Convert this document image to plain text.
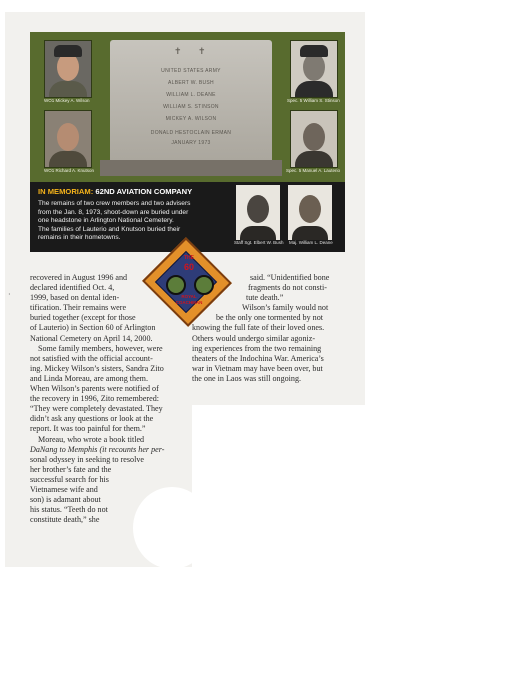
WO1 Mickey A. Wilson
WO1 Richard A. Knutson
Spec. 5 William S. Stinson
Spec. 5 Manuel A. Lauterio
✝ ✝
UNITED STATES ARMY
ALBERT W. BUSH
WILLIAM L. DEANE
WILLIAM S. STINSON
MICKEY A. WILSON
DONALD HESTOCLAIN ERMAN
JANUARY 1973
IN MEMORIAM: 62ND AVIATION COMPANY
The remains of two crew members and two advisers
from the Jan. 8, 1973, shoot-down are buried under
one headstone in Arlington National Cemetery.
The families of Lauterio and Knutson buried their
remains in their hometowns.
Staff Sgt. Elbert W. Bush Maj. William L. Deane
recovered in August 1996 and
declared identified Oct. 4,
1999, based on dental iden-
tification. Their remains were
buried together (except for those
of Lauterio) in Section 60 of Arlington
National Cemetery on April 14, 2000.
Some family members, however, were
not satisfied with the official account-
ing. Mickey Wilson’s sisters, Sandra Zito
and Linda Moreau, are among them.
When Wilson’s parents were notified of
the recovery in 1996, Zito remembered:
“They were completely devastated. They
didn’t ask any questions or look at the
report. It was too painful for them.”
Moreau, who wrote a book titled
DaNang to Memphis (it recounts her per-
sonal odyssey in seeking to resolve
her brother’s fate and the
successful search for his
Vietnamese wife and
son) is adamant about
his status. “Teeth do not
constitute death,” she
said. “Unidentified bone
fragments do not consti-
tute death.”
Wilson’s family would not
be the only one tormented by not
knowing the full fate of their loved ones.
Others would undergo similar agoniz-
ing experiences from the two remaining
theaters of the Indochina War. America’s
war in Vietnam may have been over, but
the one in Laos was still ongoing.
THE
60
ROYAL
COACHMAN
·
